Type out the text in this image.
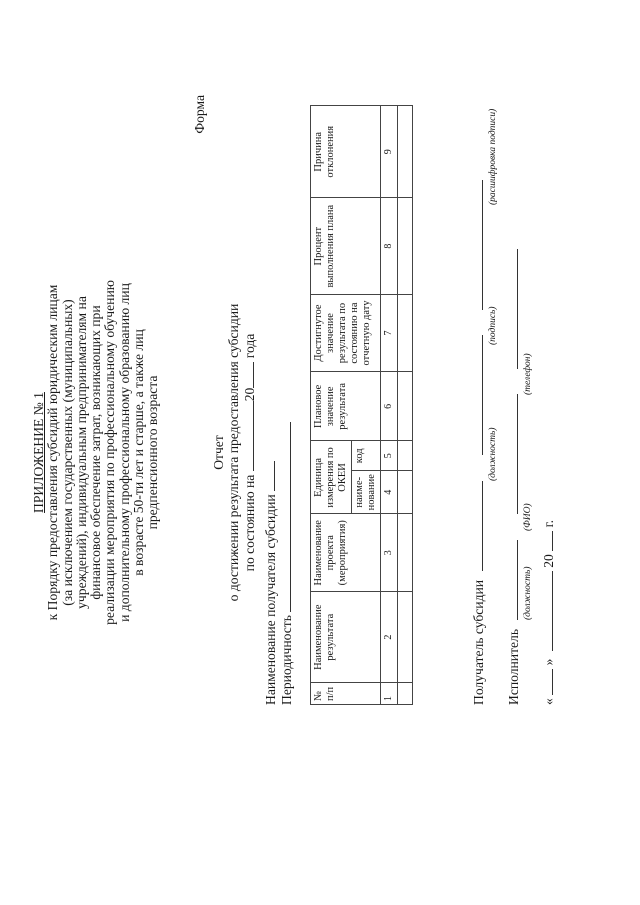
ПРИЛОЖЕНИЕ № 1 к Порядку предоставления субсидий юридическим лицам (за исключением государственных (муниципальных) учреждений), индивидуальным предпринимателям на финансовое обеспечение затрат, возникающих при реализации мероприятия по профессиональному обучению и дополнительному профессиональному образованию лиц в возрасте 50-ти лет и старше, а также лиц предпенсионного возраста
Форма
Отчет о достижении результата предоставления субсидии по состоянию на 20 года
Наименование получателя субсидии Периодичность № п/п	Наименование результата	Наименование проекта (мероприятия)	Единица измерения по ОКЕИ		Плановое значение результата	Достигнутое значение результата по состоянию на отчетную дату	Процент выполнения плана	Причина отклонения
			наиме-нование	код				
1	2	3	4	5	6	7	8	9

Получатель субсидии
(должность)
(подпись)
(расшифровка подписи)
Исполнитель
(должность)
(ФИО)
(телефон)
«  »  20  г.
